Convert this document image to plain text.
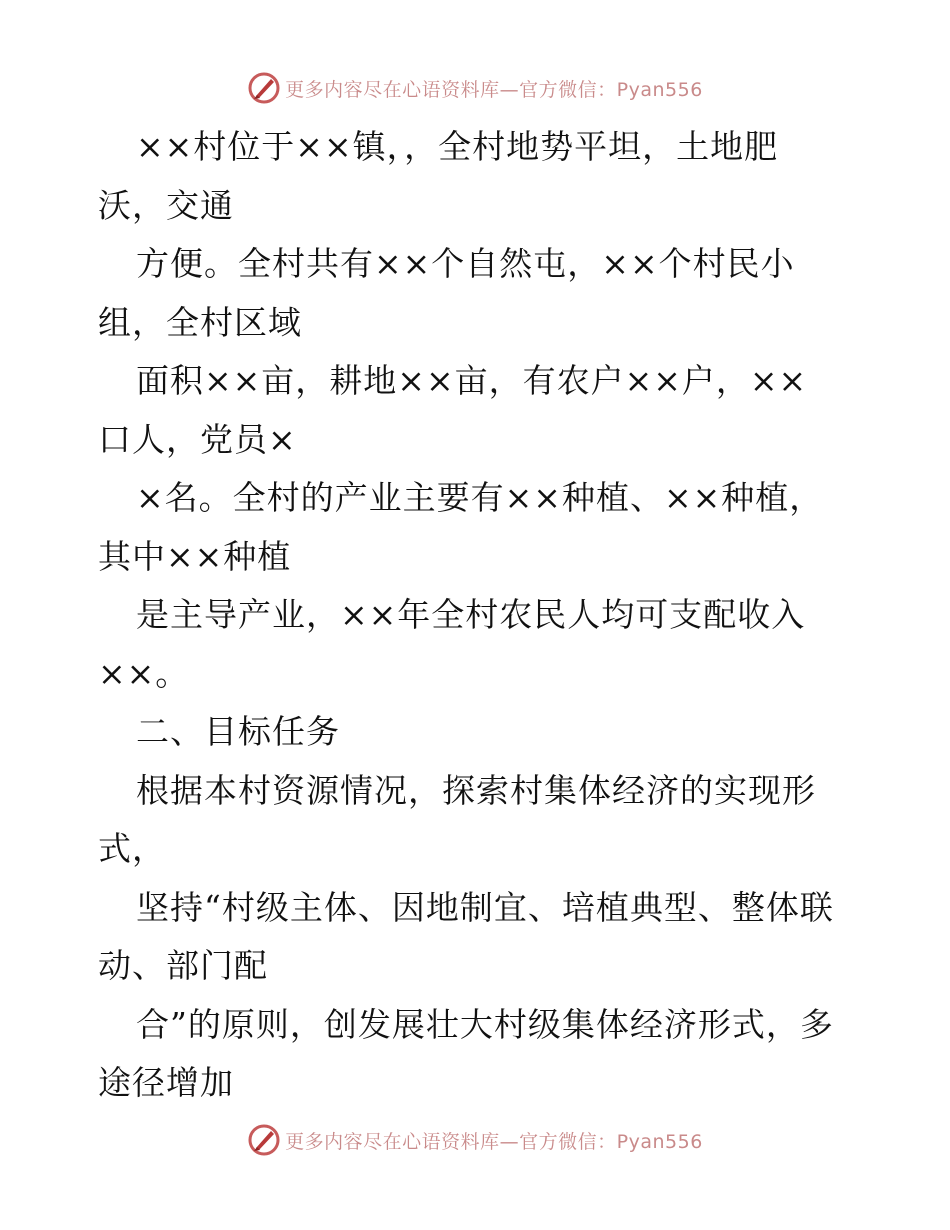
更多内容尽在心语资料库—官方微信：Pyan556
××村位于××镇，，全村地势平坦，土地肥
沃，交通
方便。全村共有××个自然屯，××个村民小
组，全村区域
面积××亩，耕地××亩，有农户××户，××
口人，党员×
×名。全村的产业主要有××种植、××种植，
其中××种植
是主导产业，××年全村农民人均可支配收入
××。
二、目标任务
根据本村资源情况，探索村集体经济的实现形
式，
坚持“村级主体、因地制宜、培植典型、整体联
动、部门配
合”的原则，创发展壮大村级集体经济形式，多
途径增加
更多内容尽在心语资料库—官方微信：Pyan556
